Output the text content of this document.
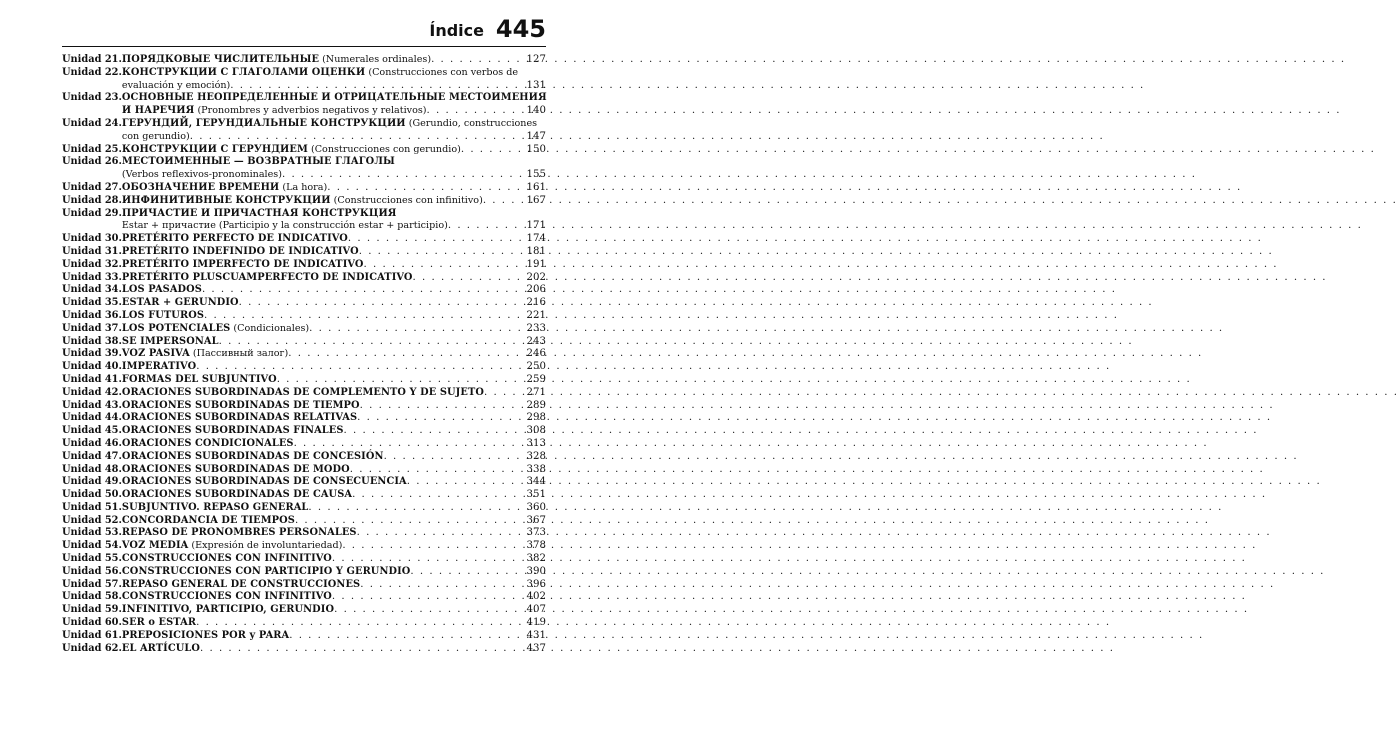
Índice 445
Unidad 21. ПОРЯДКОВЫЕ ЧИСЛИТЕЛЬНЫЕ (Numerales ordinales) . . .	127
Unidad 22. КОНСТРУКЦИИ С ГЛАГОЛАМИ ОЦЕНКИ (Construcciones con verbos de
evaluación y emoción) . . .	131
Unidad 23. ОСНОВНЫЕ НЕОПРЕДЕЛЕННЫЕ И ОТРИЦАТЕЛЬНЫЕ МЕСТОИМЕНИЯ
И НАРЕЧИЯ (Pronombres y adverbios negativos y relativos) . . .	140
Unidad 24. ГЕРУНДИЙ, ГЕРУНДИАЛЬНЫЕ КОНСТРУКЦИИ (Gerundio, construcciones
con gerundio) . . .	147
Unidad 25. КОНСТРУКЦИИ С ГЕРУНДИЕМ (Construcciones con gerundio) . . .	150
Unidad 26. МЕСТОИМЕННЫЕ — ВОЗВРАТНЫЕ ГЛАГОЛЫ
(Verbos reflexivos-pronominales) . . .	155
Unidad 27. ОБОЗНАЧЕНИЕ ВРЕМЕНИ (La hora) . . .	161
Unidad 28. ИНФИНИТИВНЫЕ КОНСТРУКЦИИ (Construcciones con infinitivo) . . .	167
Unidad 29. ПРИЧАСТИЕ И ПРИЧАСТНАЯ КОНСТРУКЦИЯ
Estar + причастие (Participio y la construcción estar + participio) . . .	171
Unidad 30. PRETÉRITO PERFECTO DE INDICATIVO . . .	174
Unidad 31. PRETÉRITO INDEFINIDO DE INDICATIVO . . .	181
Unidad 32. PRETÉRITO IMPERFECTO DE INDICATIVO . . .	191
Unidad 33. PRETÉRITO PLUSCUAMPERFECTO DE INDICATIVO . . .	202
Unidad 34. LOS PASADOS . . .	206
Unidad 35. ESTAR + GERUNDIO . . .	216
Unidad 36. LOS FUTUROS . . .	221
Unidad 37. LOS POTENCIALES (Condicionales) . . .	233
Unidad 38. SE IMPERSONAL . . .	243
Unidad 39. VOZ PASIVA (Пассивный залог) . . .	246
Unidad 40. IMPERATIVO . . .	250
Unidad 41. FORMAS DEL SUBJUNTIVO . . .	259
Unidad 42. ORACIONES SUBORDINADAS DE COMPLEMENTO Y DE SUJETO . . .	271
Unidad 43. ORACIONES SUBORDINADAS DE TIEMPO . . .	289
Unidad 44. ORACIONES SUBORDINADAS RELATIVAS . . .	298
Unidad 45. ORACIONES SUBORDINADAS FINALES . . .	308
Unidad 46. ORACIONES CONDICIONALES . . .	313
Unidad 47. ORACIONES SUBORDINADAS DE CONCESIÓN . . .	328
Unidad 48. ORACIONES SUBORDINADAS DE MODO . . .	338
Unidad 49. ORACIONES SUBORDINADAS DE CONSECUENCIA . . .	344
Unidad 50. ORACIONES SUBORDINADAS DE CAUSA . . .	351
Unidad 51. SUBJUNTIVO. REPASO GENERAL . . .	360
Unidad 52. CONCORDANCIA DE TIEMPOS . . .	367
Unidad 53. REPASO DE PRONOMBRES PERSONALES . . .	373
Unidad 54. VOZ MEDIA (Expresión de involuntariedad) . . .	378
Unidad 55. CONSTRUCCIONES CON INFINITIVO . . .	382
Unidad 56. CONSTRUCCIONES CON PARTICIPIO Y GERUNDIO . . .	390
Unidad 57. REPASO GENERAL DE CONSTRUCCIONES . . .	396
Unidad 58. CONSTRUCCIONES CON INFINITIVO . . .	402
Unidad 59. INFINITIVO, PARTICIPIO, GERUNDIO . . .	407
Unidad 60. SER o ESTAR . . .	419
Unidad 61. PREPOSICIONES POR y PARA . . .	431
Unidad 62. EL ARTÍCULO . . .	437
